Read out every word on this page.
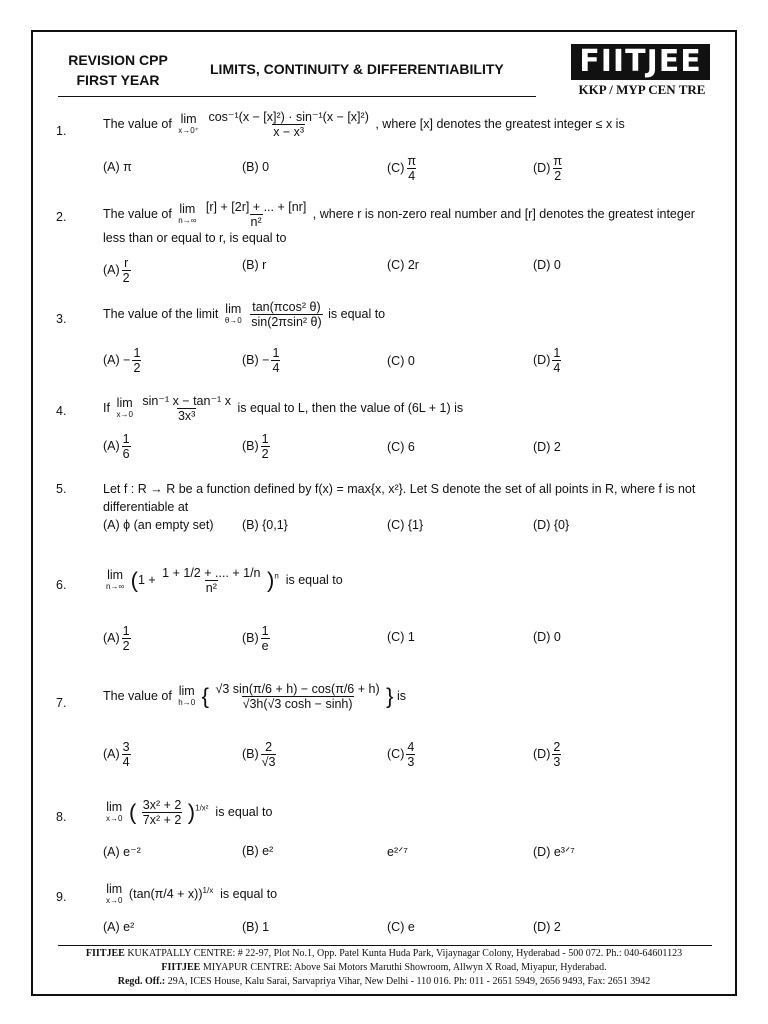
REVISION CPP
FIRST YEAR
LIMITS, CONTINUITY & DIFFERENTIABILITY	FIITJEE
KKP / MYP CEN TRE
1.
The value of lim
x→0⁺
$\frac{\text{cos⁻¹(x − [x]²) · sin⁻¹(x − [x]²)}}{\text{x − x³}}$ , where [x] denotes the greatest integer ≤ x is
(A) π	(B) 0	$(C) \frac{\pi}{4}$	$(D) \frac{\pi}{2}$
2.	The value of lim
n→∞
$\frac{[r] + [2r] + ... + [nr]}{\text{n²}}$ , where r is non-zero real number and [r] denotes the greatest integer less than or equal to r, is equal to
$(A) \frac{r}{2}$	(B) r	(C) 2r	(D) 0
3.	The value of the limit lim
θ→0
$\frac{\text{tan(πcos² θ)}}{\text{sin(2πsin² θ)}}$ is equal to
$(A) - \frac{1}{2}$	$(B) - \frac{1}{4}$	(C) 0	$(D) \frac{1}{4}$
4.	If lim
x→0
$\frac{\text{sin⁻¹ x − tan⁻¹ x}}{\text{3x³}}$ is equal to L, then the value of (6L + 1) is
$(A) \frac{1}{6}$	$(B) \frac{1}{2}$	(C) 6	(D) 2
5.	Let f : R → R be a function defined by f(x) = max{x, x²}. Let S denote the set of all points in R, where f is not differentiable at
(A) ϕ (an empty set) (B) {0,1}	(C) {1}	(D) {0}
6.
lim
n→∞ $(1 + \frac{1 + 1/2 + .... + 1/n}{\text{n²}} )^n$ is equal to
$(A) \frac{1}{2}$	$(B) \frac{1}{e}$	(C) 1	(D) 0
7.
The value of lim
h→0 { $\frac{√3 \sin(\pi/6 + h) - \cos(\pi/6 + h)}{√3h(√3 \cosh - \sinh)}$ } is
$(A) \frac{3}{4}$	$(B) \frac{2}{√3}$	$(C) \frac{4}{3}$	$(D) \frac{2}{3}$
8.
lim
x→0 ( $\frac{\text{3x² + 2}}{\text{7x² + 2}} )^{1/x^2}$ is equal to
(A) e⁻²	(B) e²	e²ᐟ⁷	(D) e³ᐟ⁷
9.
lim
x→0 $(\tan(\pi/4 + x))^{1/x}$ is equal to
(A) e²	(B) 1	(C) e	(D) 2
FIITJEE KUKATPALLY CENTRE: # 22-97, Plot No.1, Opp. Patel Kunta Huda Park, Vijaynagar Colony, Hyderabad - 500 072. Ph.: 040-64601123
FIITJEE MIYAPUR CENTRE: Above Sai Motors Maruthi Showroom, Allwyn X Road, Miyapur, Hyderabad.
Regd. Off.: 29A, ICES House, Kalu Sarai, Sarvapriya Vihar, New Delhi - 110 016. Ph: 011 - 2651 5949, 2656 9493, Fax: 2651 3942
